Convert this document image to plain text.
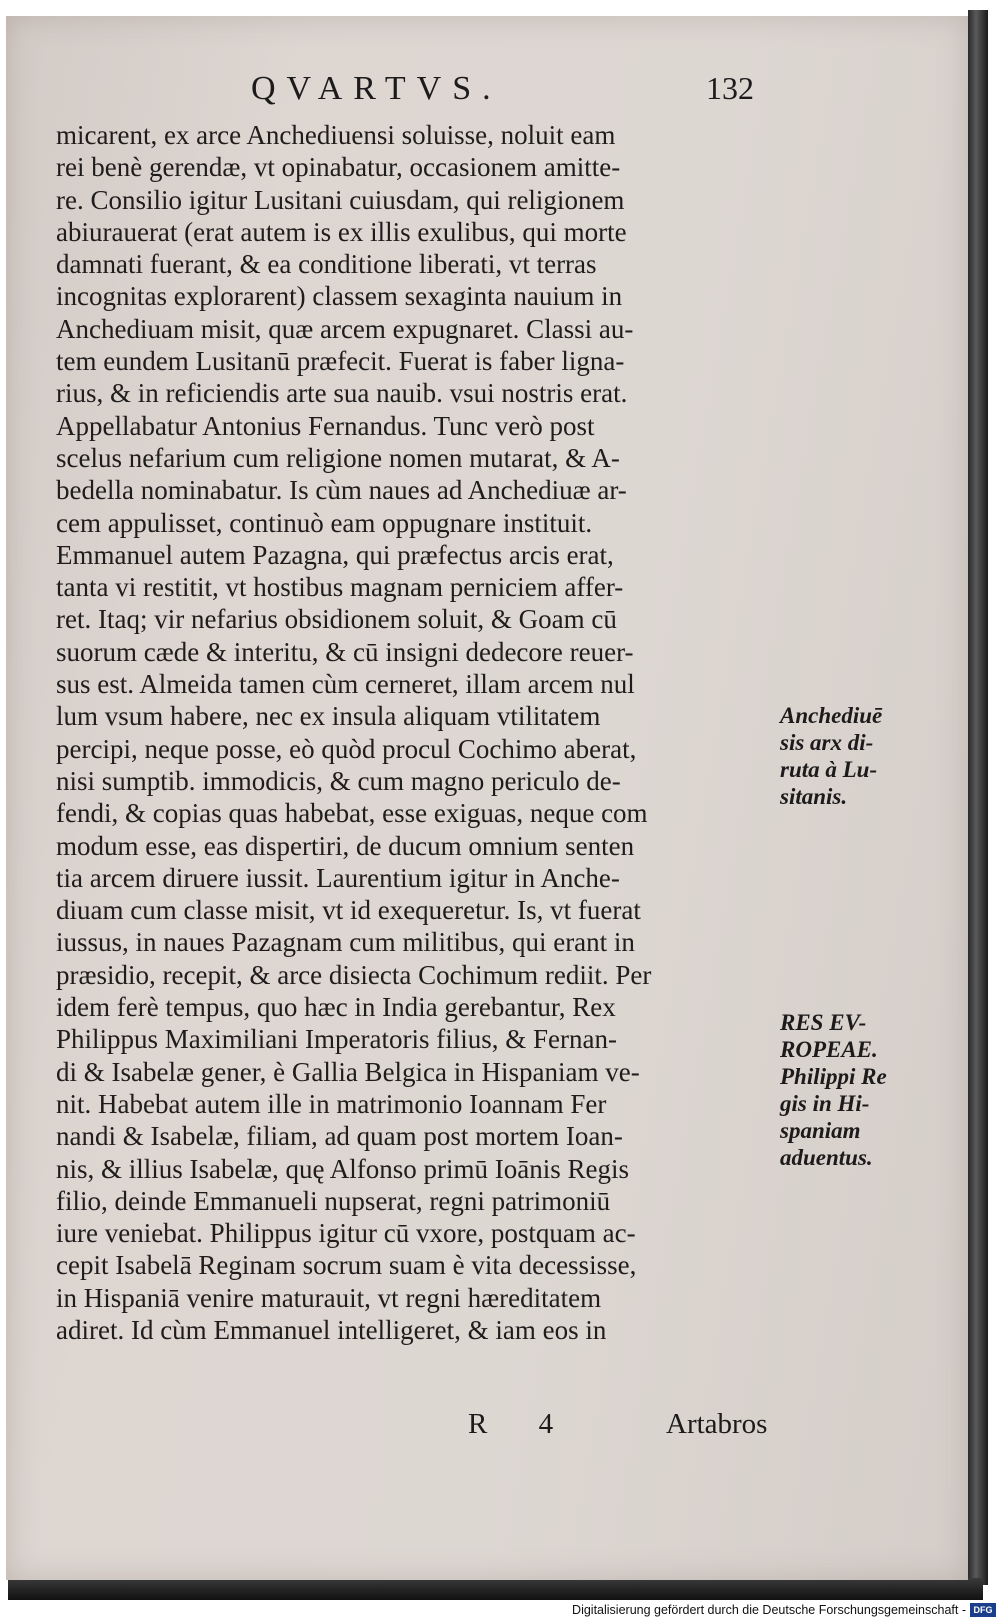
QVARTVS.	132
micarent, ex arce Anchediuensi soluisse, noluit eam
rei benè gerendæ, vt opinabatur, occasionem amitte-
re. Consilio igitur Lusitani cuiusdam, qui religionem
abiurauerat (erat autem is ex illis exulibus, qui morte
damnati fuerant, & ea conditione liberati, vt terras
incognitas explorarent) classem sexaginta nauium in
Anchediuam misit, quæ arcem expugnaret. Classi au-
tem eundem Lusitanū præfecit. Fuerat is faber ligna-
rius, & in reficiendis arte sua nauib. vsui nostris erat.
Appellabatur Antonius Fernandus. Tunc verò post
scelus nefarium cum religione nomen mutarat, & A-
bedella nominabatur. Is cùm naues ad Anchediuæ ar-
cem appulisset, continuò eam oppugnare instituit.
Emmanuel autem Pazagna, qui præfectus arcis erat,
tanta vi restitit, vt hostibus magnam perniciem affer-
ret. Itaq; vir nefarius obsidionem soluit, & Goam cū
suorum cæde & interitu, & cū insigni dedecore reuer-
sus est. Almeida tamen cùm cerneret, illam arcem nul
lum vsum habere, nec ex insula aliquam vtilitatem
percipi, neque posse, eò quòd procul Cochimo aberat,
nisi sumptib. immodicis, & cum magno periculo de-
fendi, & copias quas habebat, esse exiguas, neque com
modum esse, eas dispertiri, de ducum omnium senten
tia arcem diruere iussit. Laurentium igitur in Anche-
diuam cum classe misit, vt id exequeretur. Is, vt fuerat
iussus, in naues Pazagnam cum militibus, qui erant in
præsidio, recepit, & arce disiecta Cochimum rediit. Per
idem ferè tempus, quo hæc in India gerebantur, Rex
Philippus Maximiliani Imperatoris filius, & Fernan-
di & Isabelæ gener, è Gallia Belgica in Hispaniam ve-
nit. Habebat autem ille in matrimonio Ioannam Fer
nandi & Isabelæ, filiam, ad quam post mortem Ioan-
nis, & illius Isabelæ, quę Alfonso primū Ioānis Regis
filio, deinde Emmanueli nupserat, regni patrimoniū
iure veniebat. Philippus igitur cū vxore, postquam ac-
cepit Isabelā Reginam socrum suam è vita decessisse,
in Hispaniā venire maturauit, vt regni hæreditatem
adiret. Id cùm Emmanuel intelligeret, & iam eos in
Anchediuē
sis arx di-
ruta à Lu-
sitanis.
RES EV-
ROPEAE.
Philippi Re
gis in Hi-
spaniam
aduentus.
R 4	Artabros
Digitalisierung gefördert durch die Deutsche Forschungsgemeinschaft - DFG
